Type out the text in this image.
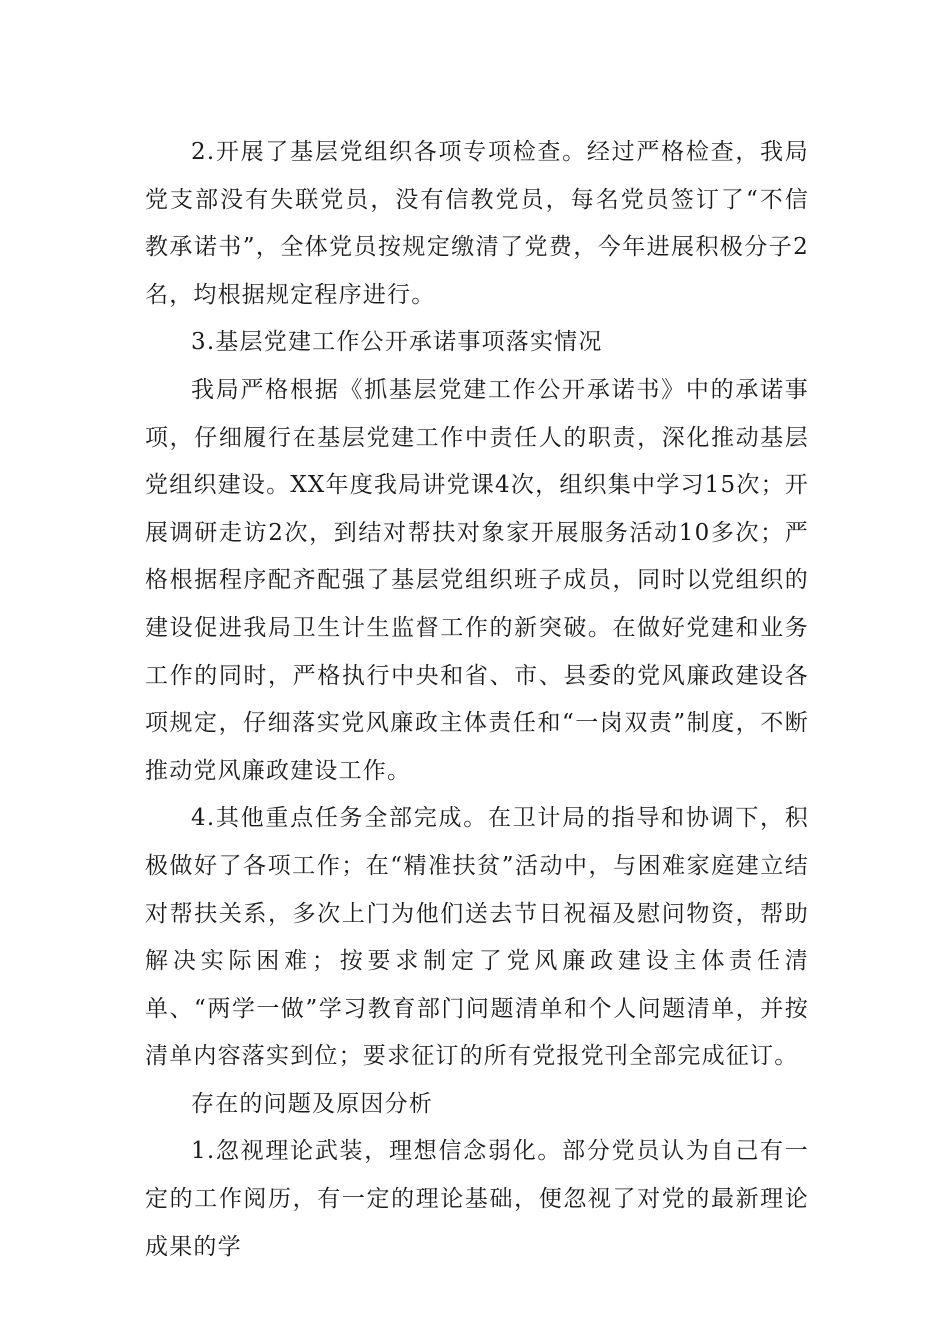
2.开展了基层党组织各项专项检查。经过严格检查，我局党支部没有失联党员，没有信教党员，每名党员签订了“不信教承诺书”，全体党员按规定缴清了党费，今年进展积极分子2名，均根据规定程序进行。

3.基层党建工作公开承诺事项落实情况

我局严格根据《抓基层党建工作公开承诺书》中的承诺事项，仔细履行在基层党建工作中责任人的职责，深化推动基层党组织建设。XX年度我局讲党课4次，组织集中学习15次；开展调研走访2次，到结对帮扶对象家开展服务活动10多次；严格根据程序配齐配强了基层党组织班子成员，同时以党组织的建设促进我局卫生计生监督工作的新突破。在做好党建和业务工作的同时，严格执行中央和省、市、县委的党风廉政建设各项规定，仔细落实党风廉政主体责任和“一岗双责”制度，不断推动党风廉政建设工作。

4.其他重点任务全部完成。在卫计局的指导和协调下，积极做好了各项工作；在“精准扶贫”活动中，与困难家庭建立结对帮扶关系，多次上门为他们送去节日祝福及慰问物资，帮助解决实际困难；按要求制定了党风廉政建设主体责任清单、“两学一做”学习教育部门问题清单和个人问题清单，并按清单内容落实到位；要求征订的所有党报党刊全部完成征订。

存在的问题及原因分析

1.忽视理论武装，理想信念弱化。部分党员认为自己有一定的工作阅历，有一定的理论基础，便忽视了对党的最新理论成果的学
